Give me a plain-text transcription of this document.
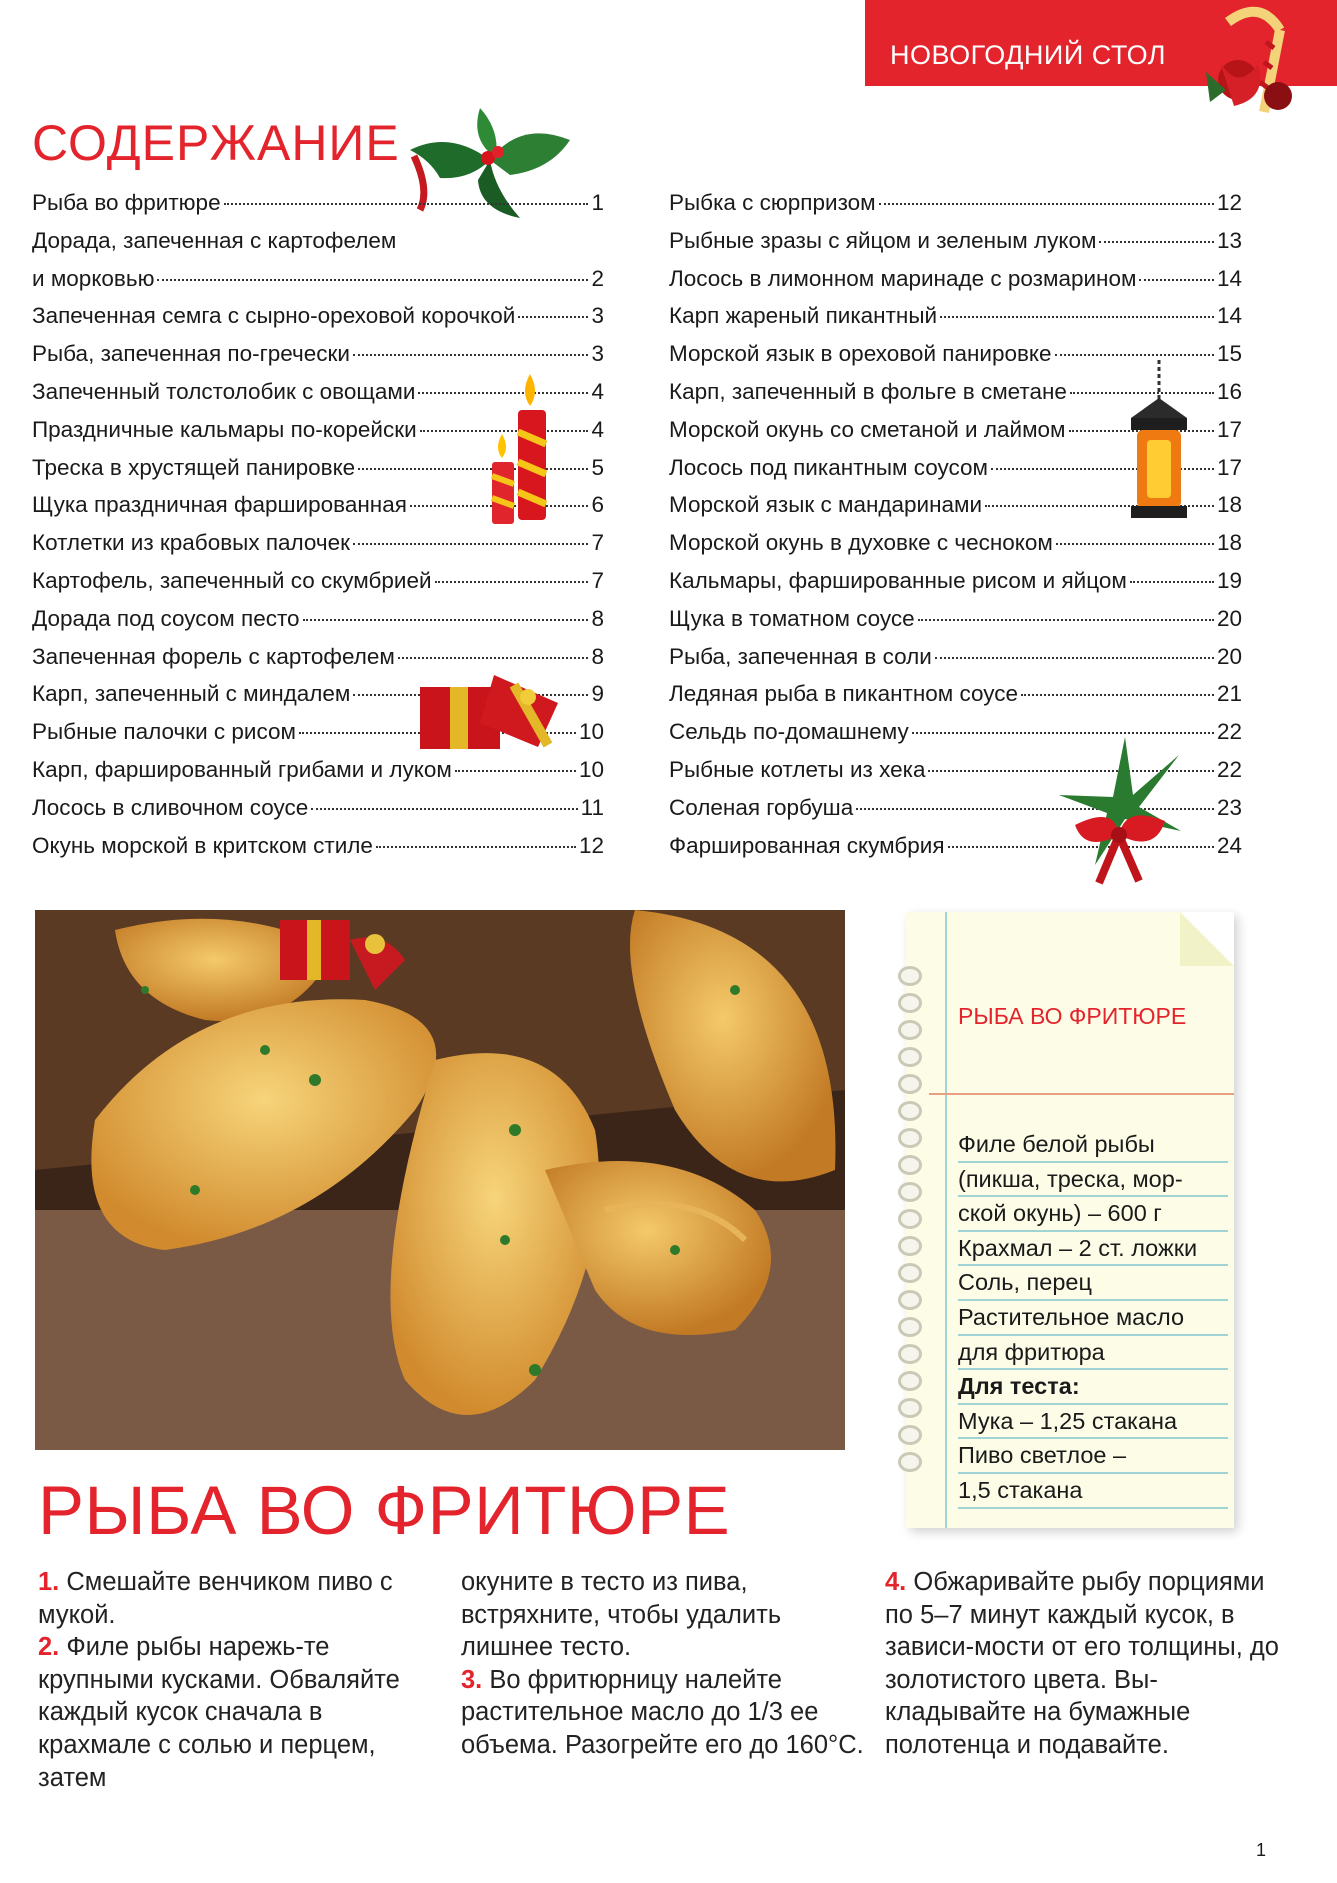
НОВОГОДНИЙ СТОЛ
СОДЕРЖАНИЕ
Рыба во фритюре	1
Дорада, запеченная с картофелем
и морковью	2
Запеченная семга с сырно-ореховой корочкой	3
Рыба, запеченная по-гречески	3
Запеченный толстолобик с овощами	4
Праздничные кальмары по-корейски	4
Треска в хрустящей панировке	5
Щука праздничная фаршированная	6
Котлетки из крабовых палочек	7
Картофель, запеченный со скумбрией	7
Дорада под соусом песто	8
Запеченная форель с картофелем	8
Карп, запеченный с миндалем	9
Рыбные палочки с рисом	10
Карп, фаршированный грибами и луком	10
Лосось в сливочном соусе	11
Окунь морской в критском стиле	12
Рыбка с сюрпризом	12
Рыбные зразы с яйцом и зеленым луком	13
Лосось в лимонном маринаде с розмарином	14
Карп жареный пикантный	14
Морской язык в ореховой панировке	15
Карп, запеченный в фольге в сметане	16
Морской окунь со сметаной и лаймом	17
Лосось под пикантным соусом	17
Морской язык с мандаринами	18
Морской окунь в духовке с чесноком	18
Кальмары, фаршированные рисом и яйцом	19
Щука в томатном соусе	20
Рыба, запеченная в соли	20
Ледяная рыба в пикантном соусе	21
Сельдь по-домашнему	22
Рыбные котлеты из хека	22
Соленая горбуша	23
Фаршированная скумбрия	24
РЫБА ВО ФРИТЮРЕ
Филе белой рыбы
(пикша, треска, мор-
ской окунь) – 600 г
Крахмал – 2 ст. ложки
Соль, перец
Растительное масло
для фритюра
Для теста:
Мука – 1,25 стакана
Пиво светлое –
1,5 стакана
РЫБА ВО ФРИТЮРЕ
1. Смешайте венчиком пиво с мукой.
2. Филе рыбы нарежь-те крупными кусками. Обваляйте каждый кусок сначала в крахмале с солью и перцем, затем
окуните в тесто из пива, встряхните, чтобы удалить лишнее тесто.
3. Во фритюрницу налейте растительное масло до 1/3 ее объема. Разогрейте его до 160°С.
4. Обжаривайте рыбу порциями по 5–7 минут каждый кусок, в зависи-мости от его толщины, до золотистого цвета. Вы-кладывайте на бумажные полотенца и подавайте.
1
